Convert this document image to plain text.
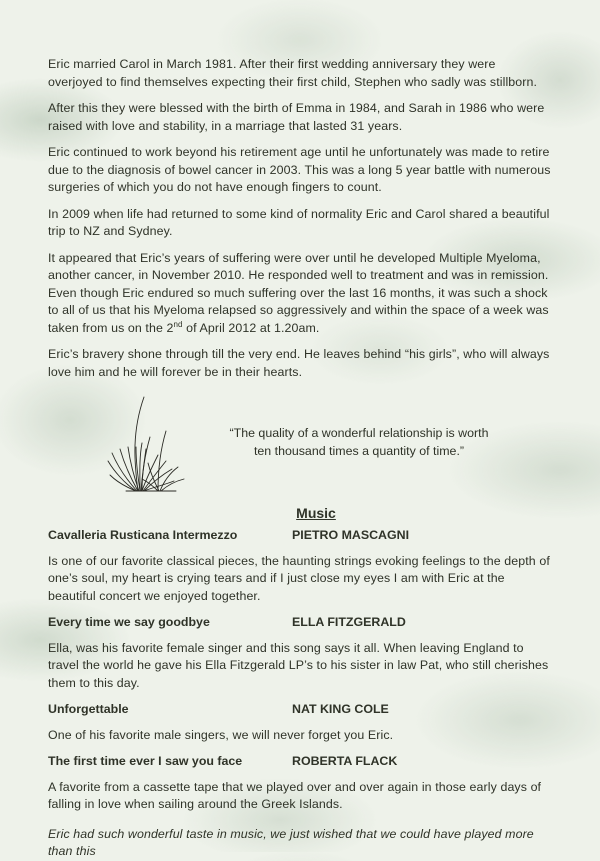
Eric married Carol in March 1981. After their first wedding anniversary they were overjoyed to find themselves expecting their first child, Stephen who sadly was stillborn.

After this they were blessed with the birth of Emma in 1984, and Sarah in 1986 who were raised with love and stability, in a marriage that lasted 31 years.

Eric continued to work beyond his retirement age until he unfortunately was made to retire due to the diagnosis of bowel cancer in 2003. This was a long 5 year battle with numerous surgeries of which you do not have enough fingers to count.

In 2009 when life had returned to some kind of normality Eric and Carol shared a beautiful trip to NZ and Sydney.

It appeared that Eric’s years of suffering were over until he developed Multiple Myeloma, another cancer, in November 2010. He responded well to treatment and was in remission. Even though Eric endured so much suffering over the last 16 months, it was such a shock to all of us that his Myeloma relapsed so aggressively and within the space of a week was taken from us on the 2nd of April 2012 at 1.20am.

Eric’s bravery shone through till the very end. He leaves behind “his girls”, who will always love him and he will forever be in their hearts.

“The quality of a wonderful relationship is worth
ten thousand times a quantity of time.”
Music
Cavalleria Rusticana Intermezzo	PIETRO MASCAGNI

Is one of our favorite classical pieces, the haunting strings evoking feelings to the depth of one’s soul, my heart is crying tears and if I just close my eyes I am with Eric at the beautiful concert we enjoyed together.

Every time we say goodbye	ELLA FITZGERALD

Ella, was his favorite female singer and this song says it all. When leaving England to travel the world he gave his Ella Fitzgerald LP’s to his sister in law Pat, who still cherishes them to this day.

Unforgettable	NAT KING COLE

One of his favorite male singers, we will never forget you Eric.

The first time ever I saw you face	ROBERTA FLACK

A favorite from a cassette tape that we played over and over again in those early days of falling in love when sailing around the Greek Islands.

Eric had such wonderful taste in music, we just wished that we could have played more than this
